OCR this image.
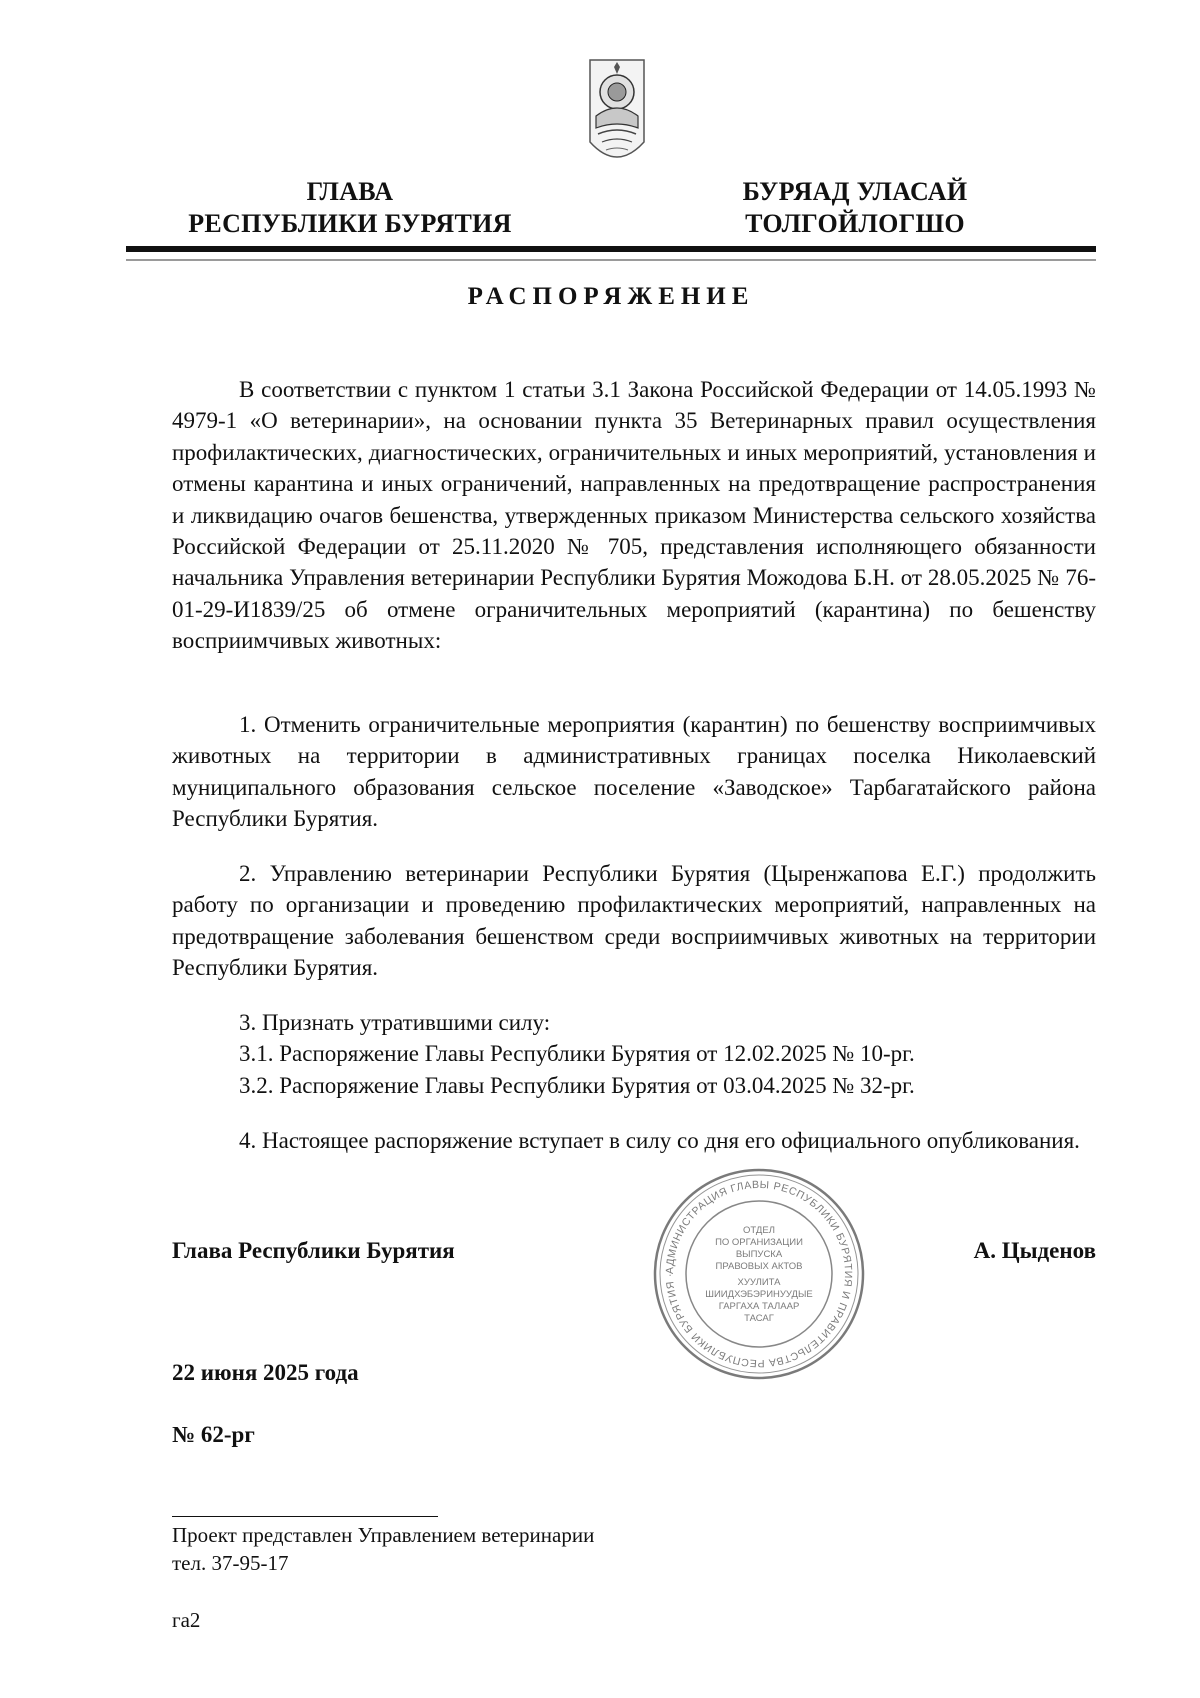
ГЛАВА
РЕСПУБЛИКИ БУРЯТИЯ
БУРЯАД УЛАСАЙ
ТОЛГОЙЛОГШО
РАСПОРЯЖЕНИЕ
В соответствии с пунктом 1 статьи 3.1 Закона Российской Федерации от 14.05.1993 № 4979-1 «О ветеринарии», на основании пункта 35 Ветеринарных правил осуществления профилактических, диагностических, ограничительных и иных мероприятий, установления и отмены карантина и иных ограничений, направленных на предотвращение распространения и ликвидацию очагов бешенства, утвержденных приказом Министерства сельского хозяйства Российской Федерации от 25.11.2020 № 705, представления исполняющего обязанности начальника Управления ветеринарии Республики Бурятия Можодова Б.Н. от 28.05.2025 № 76-01-29-И1839/25 об отмене ограничительных мероприятий (карантина) по бешенству восприимчивых животных:
1. Отменить ограничительные мероприятия (карантин) по бешенству восприимчивых животных на территории в административных границах поселка Николаевский муниципального образования сельское поселение «Заводское» Тарбагатайского района Республики Бурятия.
2. Управлению ветеринарии Республики Бурятия (Цыренжапова Е.Г.) продолжить работу по организации и проведению профилактических мероприятий, направленных на предотвращение заболевания бешенством среди восприимчивых животных на территории Республики Бурятия.
3. Признать утратившими силу:
3.1. Распоряжение Главы Республики Бурятия от 12.02.2025 № 10-рг.
3.2. Распоряжение Главы Республики Бурятия от 03.04.2025 № 32-рг.
4. Настоящее распоряжение вступает в силу со дня его официального опубликования.
Глава Республики Бурятия	А. Цыденов
АДМИНИСТРАЦИЯ ГЛАВЫ РЕСПУБЛИКИ БУРЯТИЯ И ПРАВИТЕЛЬСТВА РЕСПУБЛИКИ БУРЯТИЯ ·
ОТДЕЛ
ПО ОРГАНИЗАЦИИ
ВЫПУСКА
ПРАВОВЫХ АКТОВ
ХУУЛИТА
ШИИДХЭБЭРИНУУДЫЕ
ГАРГАХА ТАЛААР
ТАСАГ
22 июня 2025 года
№ 62-рг
Проект представлен Управлением ветеринарии
тел. 37-95-17
га2
